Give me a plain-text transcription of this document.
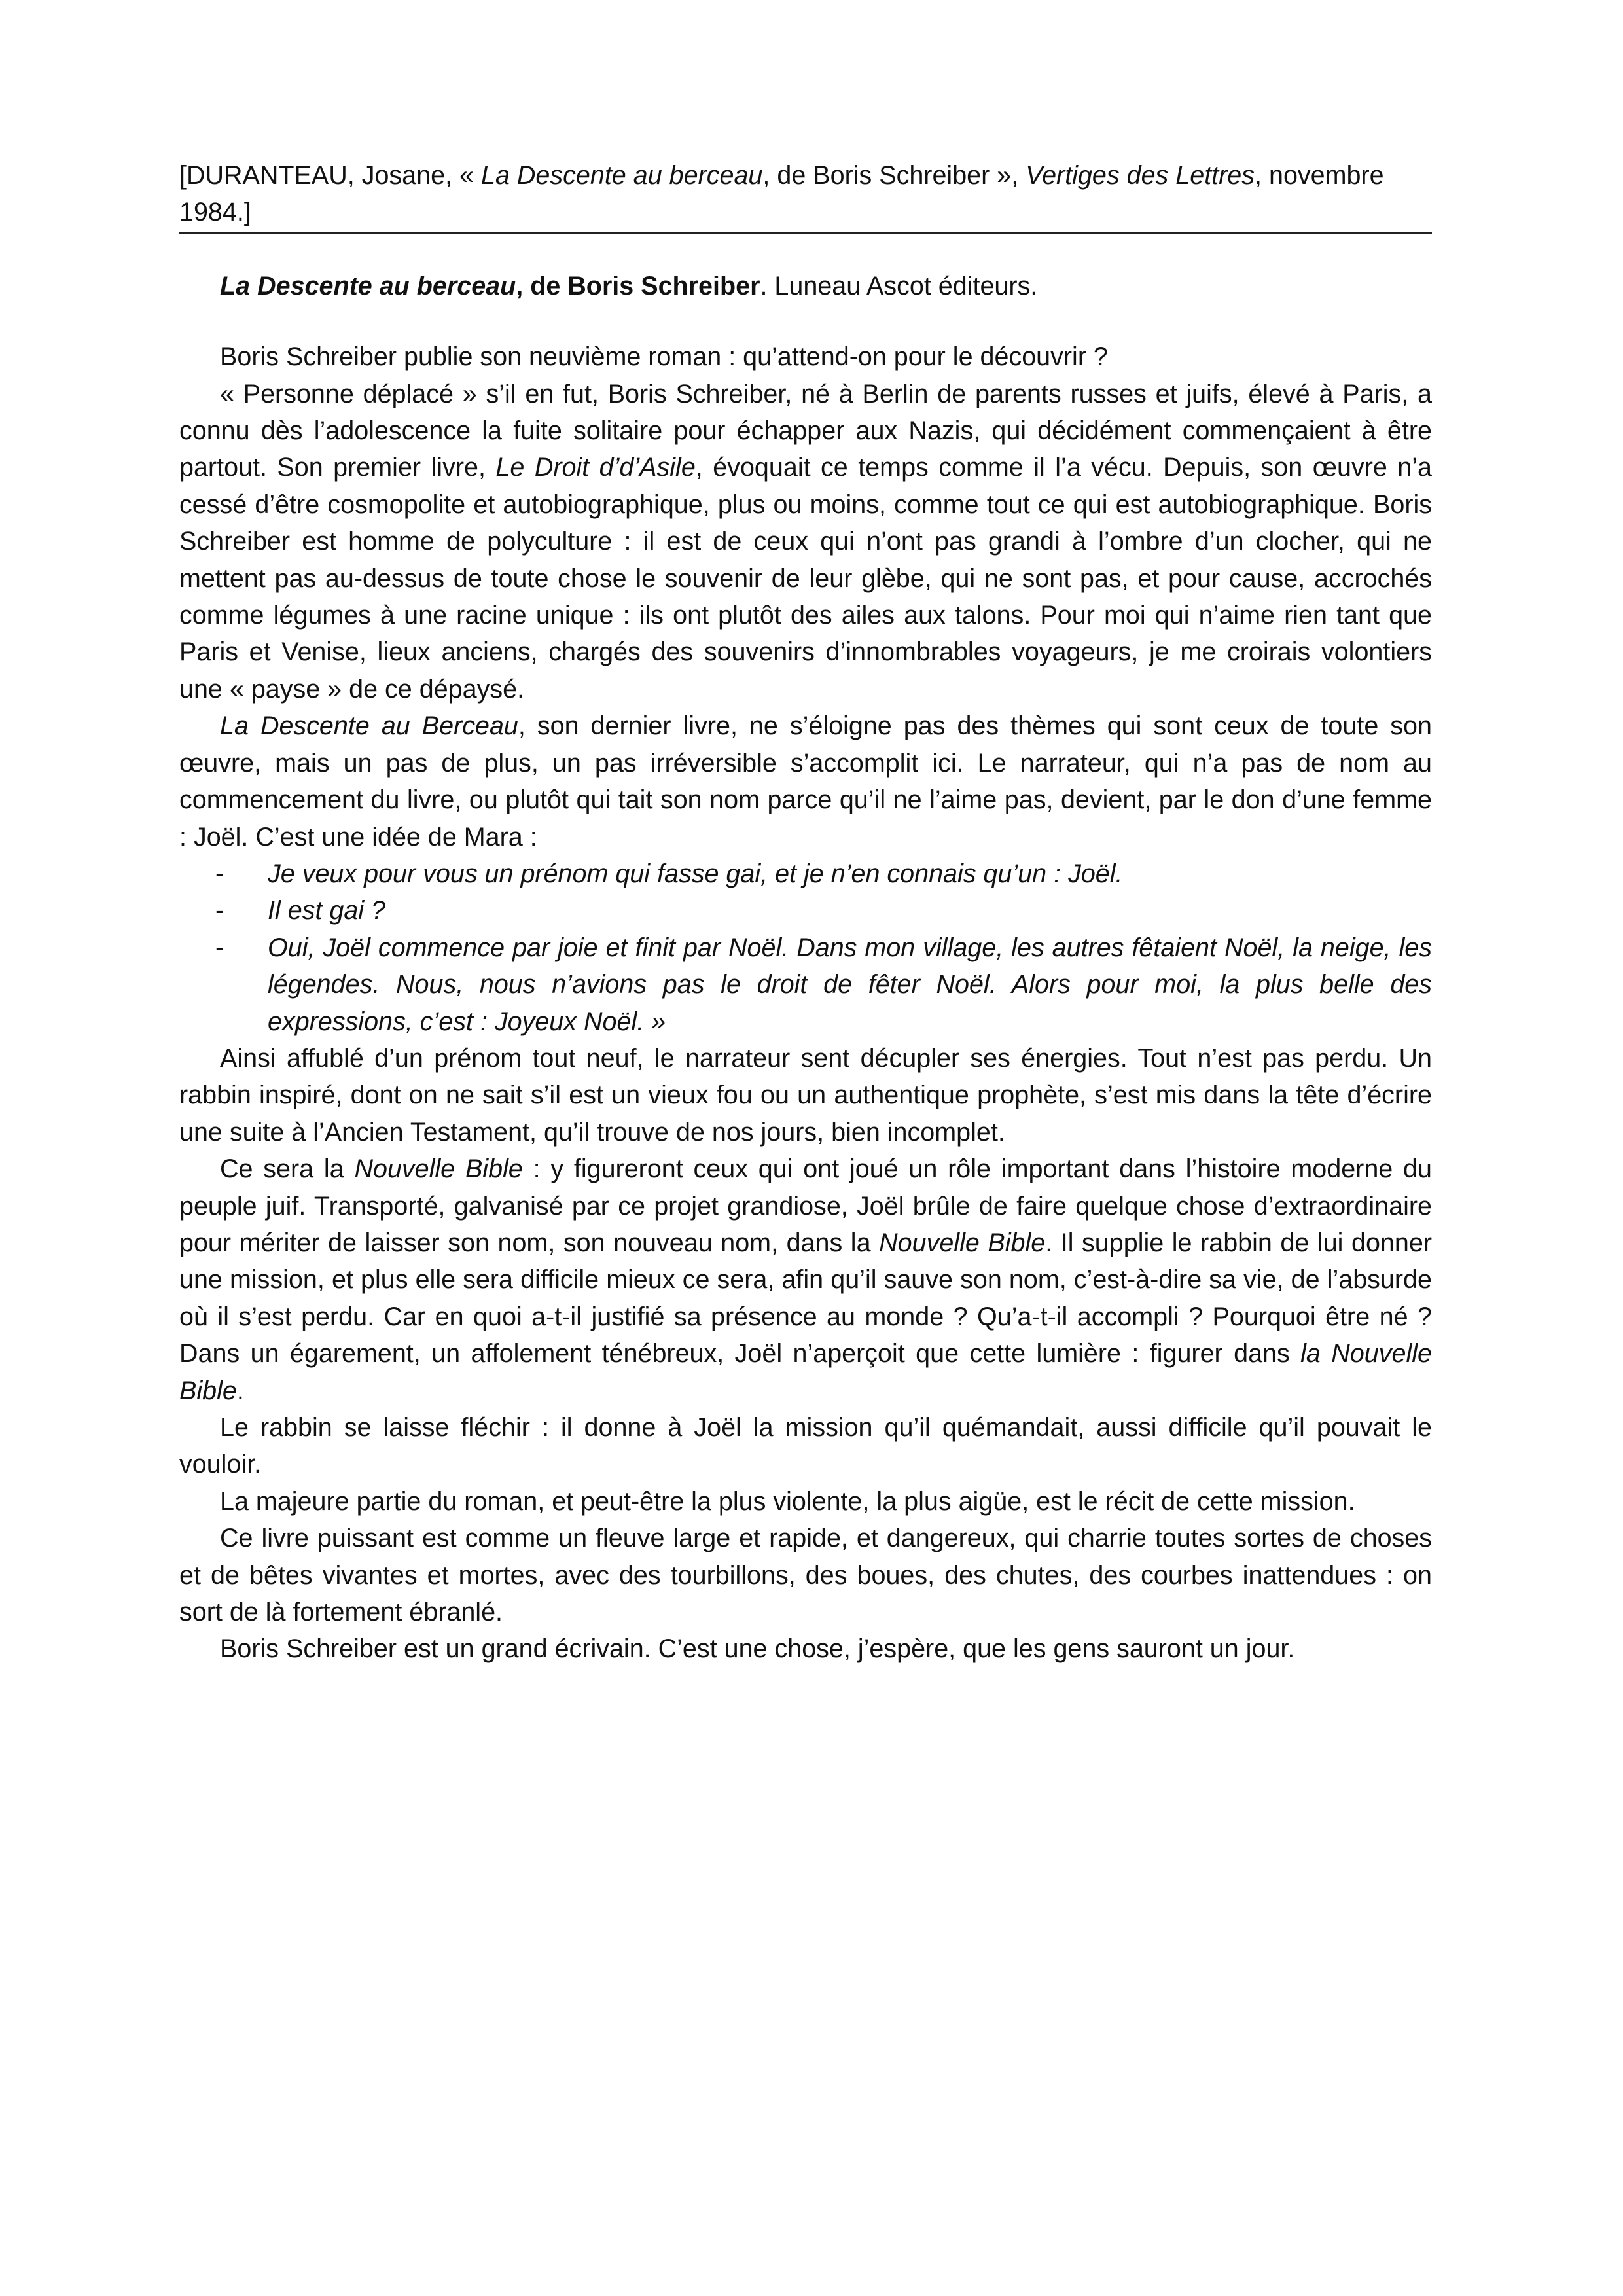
[DURANTEAU, Josane, « La Descente au berceau, de Boris Schreiber », Vertiges des Lettres, novembre 1984.]

La Descente au berceau, de Boris Schreiber. Luneau Ascot éditeurs.

Boris Schreiber publie son neuvième roman : qu’attend-on pour le découvrir ?

« Personne déplacé » s’il en fut, Boris Schreiber, né à Berlin de parents russes et juifs, élevé à Paris, a connu dès l’adolescence la fuite solitaire pour échapper aux Nazis, qui décidément commençaient à être partout. Son premier livre, Le Droit d’d’Asile, évoquait ce temps comme il l’a vécu. Depuis, son œuvre n’a cessé d’être cosmopolite et autobiographique, plus ou moins, comme tout ce qui est autobiographique. Boris Schreiber est homme de polyculture : il est de ceux qui n’ont pas grandi à l’ombre d’un clocher, qui ne mettent pas au-dessus de toute chose le souvenir de leur glèbe, qui ne sont pas, et pour cause, accrochés comme légumes à une racine unique : ils ont plutôt des ailes aux talons. Pour moi qui n’aime rien tant que Paris et Venise, lieux anciens, chargés des souvenirs d’innombrables voyageurs, je me croirais volontiers une « payse » de ce dépaysé.

La Descente au Berceau, son dernier livre, ne s’éloigne pas des thèmes qui sont ceux de toute son œuvre, mais un pas de plus, un pas irréversible s’accomplit ici. Le narrateur, qui n’a pas de nom au commencement du livre, ou plutôt qui tait son nom parce qu’il ne l’aime pas, devient, par le don d’une femme : Joël. C’est une idée de Mara :

- Je veux pour vous un prénom qui fasse gai, et je n’en connais qu’un : Joël.
- Il est gai ?
- Oui, Joël commence par joie et finit par Noël. Dans mon village, les autres fêtaient Noël, la neige, les légendes. Nous, nous n’avions pas le droit de fêter Noël. Alors pour moi, la plus belle des expressions, c’est : Joyeux Noël. »

Ainsi affublé d’un prénom tout neuf, le narrateur sent décupler ses énergies. Tout n’est pas perdu. Un rabbin inspiré, dont on ne sait s’il est un vieux fou ou un authentique prophète, s’est mis dans la tête d’écrire une suite à l’Ancien Testament, qu’il trouve de nos jours, bien incomplet.

Ce sera la Nouvelle Bible : y figureront ceux qui ont joué un rôle important dans l’histoire moderne du peuple juif. Transporté, galvanisé par ce projet grandiose, Joël brûle de faire quelque chose d’extraordinaire pour mériter de laisser son nom, son nouveau nom, dans la Nouvelle Bible. Il supplie le rabbin de lui donner une mission, et plus elle sera difficile mieux ce sera, afin qu’il sauve son nom, c’est-à-dire sa vie, de l’absurde où il s’est perdu. Car en quoi a-t-il justifié sa présence au monde ? Qu’a-t-il accompli ? Pourquoi être né ? Dans un égarement, un affolement ténébreux, Joël n’aperçoit que cette lumière : figurer dans la Nouvelle Bible.

Le rabbin se laisse fléchir : il donne à Joël la mission qu’il quémandait, aussi difficile qu’il pouvait le vouloir.

La majeure partie du roman, et peut-être la plus violente, la plus aigüe, est le récit de cette mission.

Ce livre puissant est comme un fleuve large et rapide, et dangereux, qui charrie toutes sortes de choses et de bêtes vivantes et mortes, avec des tourbillons, des boues, des chutes, des courbes inattendues : on sort de là fortement ébranlé.

Boris Schreiber est un grand écrivain. C’est une chose, j’espère, que les gens sauront un jour.
